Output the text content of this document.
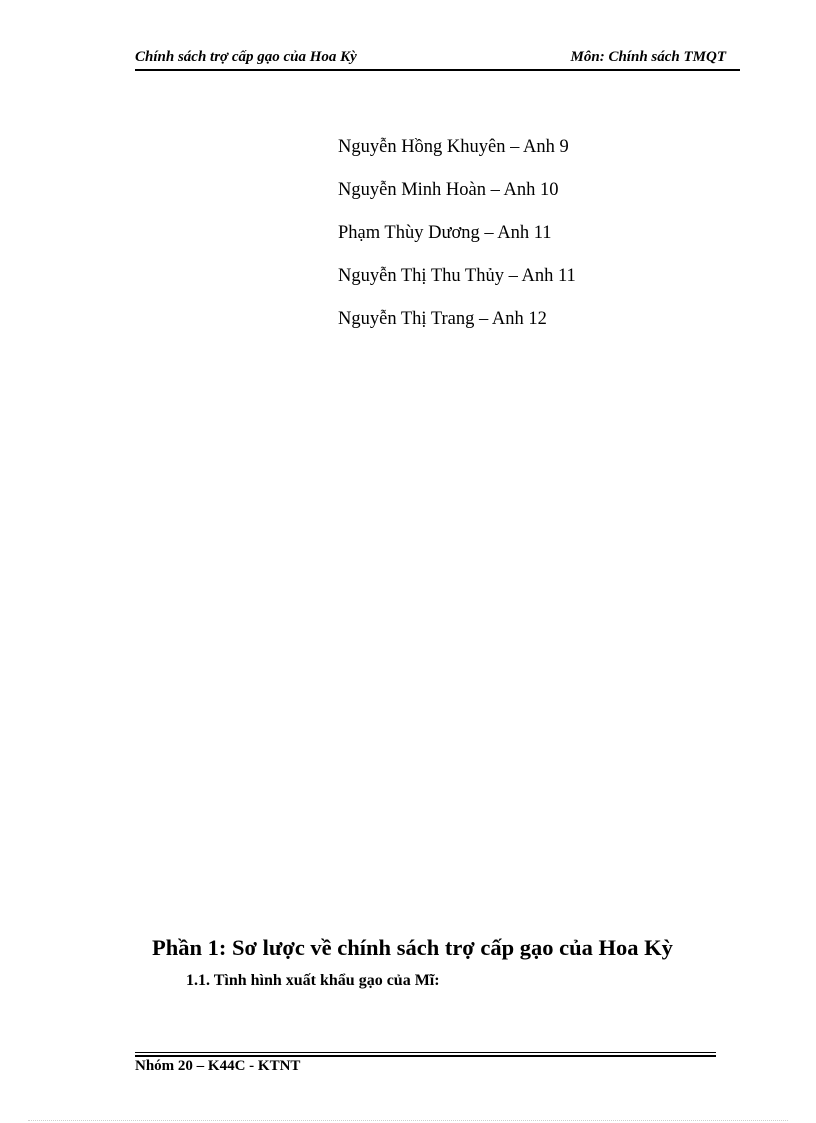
Chính sách trợ cấp gạo của Hoa Kỳ	Môn: Chính sách TMQT
Nguyễn Hồng Khuyên – Anh 9
Nguyễn Minh Hoàn – Anh 10
Phạm Thùy Dương – Anh 11
Nguyễn Thị Thu Thủy – Anh 11
Nguyễn Thị Trang – Anh 12
Phần 1: Sơ lược về chính sách trợ cấp gạo của Hoa Kỳ
1.1. Tình hình xuất khẩu gạo của Mĩ:
Nhóm 20 – K44C - KTNT
